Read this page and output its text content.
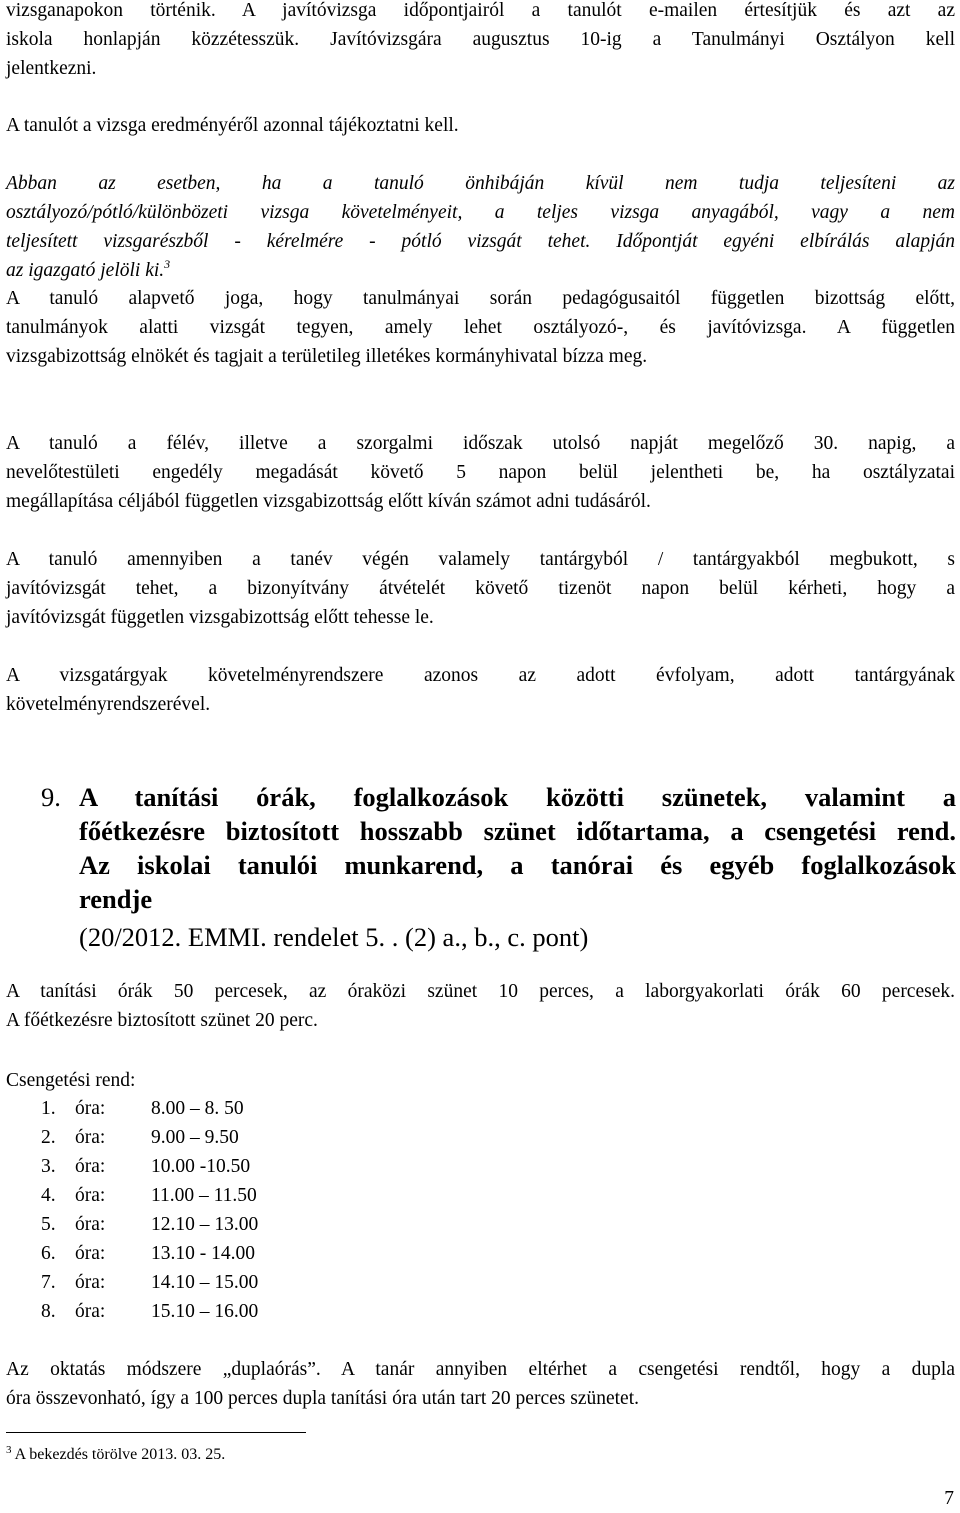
vizsganapokon történik. A javítóvizsga időpontjairól a tanulót e-mailen értesítjük és azt az
iskola honlapján közzétesszük. Javítóvizsgára augusztus 10-ig a Tanulmányi Osztályon kell
jelentkezni.

A tanulót a vizsga eredményéről azonnal tájékoztatni kell.

Abban az esetben, ha a tanuló önhibáján kívül nem tudja teljesíteni az
osztályozó/pótló/különbözeti vizsga követelményeit, a teljes vizsga anyagából, vagy a nem
teljesített vizsgarészből - kérelmére - pótló vizsgát tehet. Időpontját egyéni elbírálás alapján
az igazgató jelöli ki.$^3$

A tanuló alapvető joga, hogy tanulmányai során pedagógusaitól független bizottság előtt,
tanulmányok alatti vizsgát tegyen, amely lehet osztályozó-, és javítóvizsga. A független
vizsgabizottság elnökét és tagjait a területileg illetékes kormányhivatal bízza meg.

A tanuló a félév, illetve a szorgalmi időszak utolsó napját megelőző 30. napig, a
nevelőtestületi engedély megadását követő 5 napon belül jelentheti be, ha osztályzatai
megállapítása céljából független vizsgabizottság előtt kíván számot adni tudásáról.

A tanuló amennyiben a tanév végén valamely tantárgyból / tantárgyakból megbukott, s
javítóvizsgát tehet, a bizonyítvány átvételét követő tizenöt napon belül kérheti, hogy a
javítóvizsgát független vizsgabizottság előtt tehesse le.

A vizsgatárgyak követelményrendszere azonos az adott évfolyam, adott tantárgyának
követelményrendszerével.

9. A tanítási órák, foglalkozások közötti szünetek, valamint a
főétkezésre biztosított hosszabb szünet időtartama, a csengetési rend.
Az iskolai tanulói munkarend, a tanórai és egyéb foglalkozások
rendje
(20/2012. EMMI. rendelet 5. . (2) a., b., c. pont)

A tanítási órák 50 percesek, az óraközi szünet 10 perces, a laborgyakorlati órák 60 percesek.
A főétkezésre biztosított szünet 20 perc.

Csengetési rend:
1. óra: 8.00 – 8. 50
2. óra: 9.00 – 9.50
3. óra: 10.00 -10.50
4. óra: 11.00 – 11.50
5. óra: 12.10 – 13.00
6. óra: 13.10 - 14.00
7. óra: 14.10 – 15.00
8. óra: 15.10 – 16.00

Az oktatás módszere „duplaórás”. A tanár annyiben eltérhet a csengetési rendtől, hogy a dupla
óra összevonható, így a 100 perces dupla tanítási óra után tart 20 perces szünetet.

$^3$ A bekezdés törölve 2013. 03. 25.
7
